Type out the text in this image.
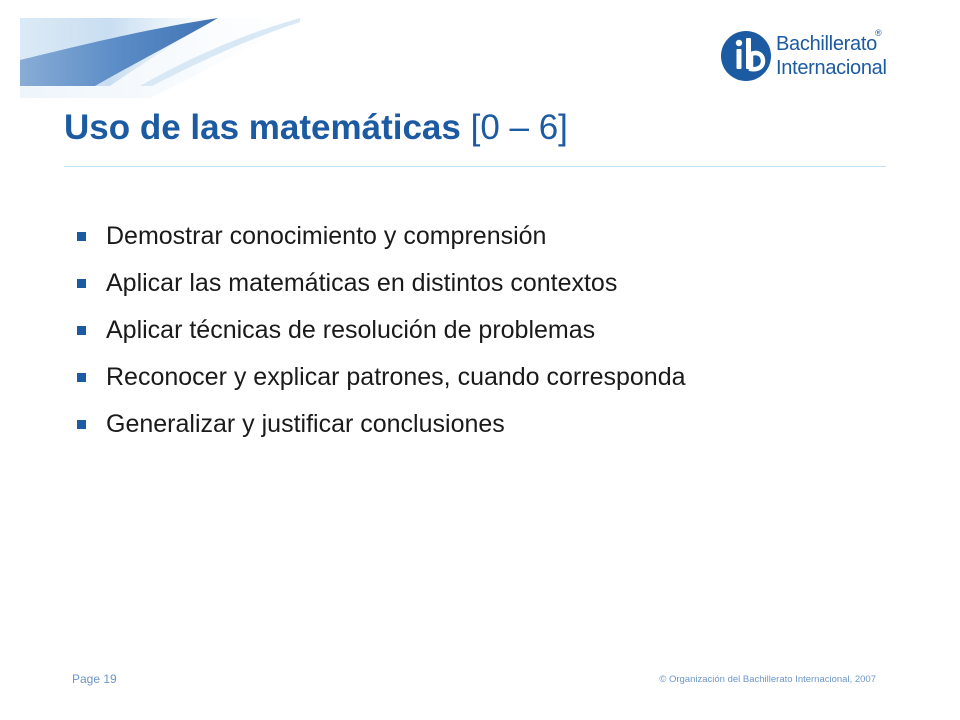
Bachillerato
Internacional
®
Uso de las matemáticas [0 – 6]
Demostrar conocimiento y comprensión
Aplicar las matemáticas en distintos contextos
Aplicar técnicas de resolución de problemas
Reconocer y explicar patrones, cuando corresponda
Generalizar y justificar conclusiones
Page 19	© Organización del Bachillerato Internacional, 2007
